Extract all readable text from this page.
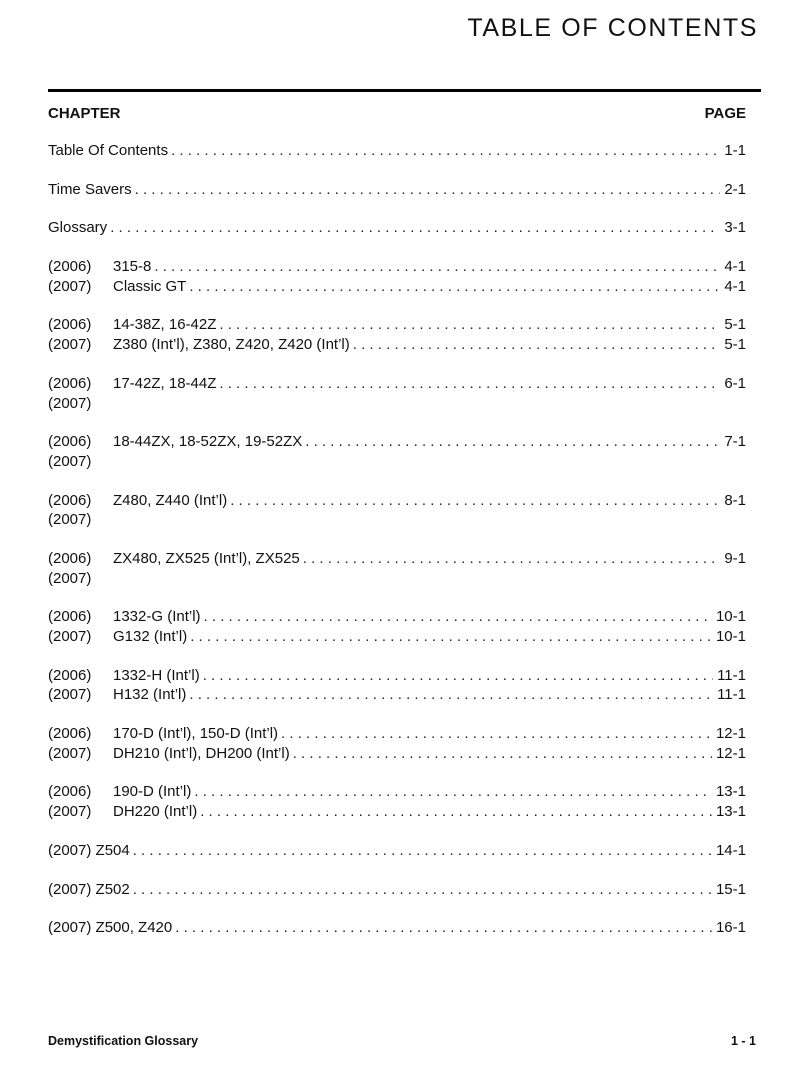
TABLE OF CONTENTS
CHAPTER	PAGE
Table Of Contents . . .	1-1
Time Savers . . .	2-1
Glossary . . .	3-1
(2006)	315-8 . . .	4-1
(2007)	Classic GT . . .	4-1
(2006)	14-38Z, 16-42Z . . .	5-1
(2007)	Z380 (Int’l), Z380, Z420, Z420 (Int’l) . . .	5-1
(2006)	17-42Z, 18-44Z . . .	6-1
(2007)
(2006)	18-44ZX, 18-52ZX, 19-52ZX . . .	7-1
(2007)
(2006)	Z480, Z440 (Int’l) . . .	8-1
(2007)
(2006)	ZX480, ZX525 (Int’l), ZX525 . . .	9-1
(2007)
(2006)	1332-G (Int’l) . . .	10-1
(2007)	G132 (Int’l) . . .	10-1
(2006)	1332-H (Int’l) . . .	11-1
(2007)	H132 (Int’l) . . .	11-1
(2006)	170-D (Int’l), 150-D (Int’l) . . .	12-1
(2007)	DH210 (Int’l), DH200 (Int’l) . . .	12-1
(2006)	190-D (Int’l) . . .	13-1
(2007)	DH220 (Int’l) . . .	13-1
(2007) Z504 . . .	14-1
(2007) Z502 . . .	15-1
(2007) Z500, Z420 . . .	16-1
Demystification Glossary	1 - 1
